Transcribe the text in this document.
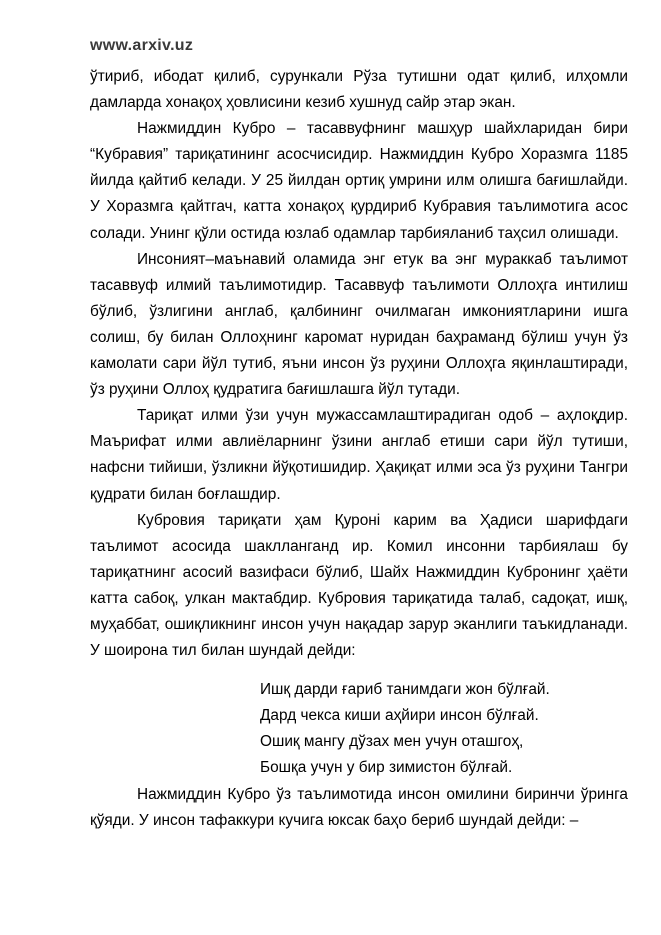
www.arxiv.uz

ўтириб, ибодат қилиб, сурункали Рўза тутишни одат қилиб, илҳомли дамларда хонақоҳ ҳовлисини кезиб хушнуд сайр этар экан.

Нажмиддин Кубро – тасаввуфнинг машҳур шайхларидан бири “Кубравия” тариқатининг асосчисидир. Нажмиддин Кубро Хоразмга 1185 йилда қайтиб келади. У 25 йилдан ортиқ умрини илм олишга бағишлайди. У Хоразмга қайтгач, катта хонақоҳ қурдириб Кубравия таълимотига асос солади. Унинг қўли остида юзлаб одамлар тарбияланиб таҳсил олишади.

Инсоният–маънавий оламида энг етук ва энг мураккаб таълимот тасаввуф илмий таълимотидир. Тасаввуф таълимоти Оллоҳга интилиш бўлиб, ўзлигини англаб, қалбининг очилмаган имкониятларини ишга солиш, бу билан Оллоҳнинг каромат нуридан баҳраманд бўлиш учун ўз камолати сари йўл тутиб, яъни инсон ўз руҳини Оллоҳга яқинлаштиради, ўз руҳини Оллоҳ қудратига бағишлашга йўл тутади.

Тариқат илми ўзи учун мужассамлаштирадиган одоб – аҳлоқдир. Маърифат илми авлиёларнинг ўзини англаб етиши сари йўл тутиши, нафсни тийиши, ўзликни йўқотишидир. Ҳақиқат илми эса ўз руҳини Тангри қудрати билан боғлашдир.

Кубровия тариқати ҳам Қуроні карим ва Ҳадиси шарифдаги таълимот асосида шаклланганд ир. Комил инсонни тарбиялаш бу тариқатнинг асосий вазифаси бўлиб, Шайх Нажмиддин Кубронинг ҳаёти катта сабоқ, улкан мактабдир. Кубровия тариқатида талаб, садоқат, ишқ, муҳаббат, ошиқликнинг инсон учун нақадар зарур эканлиги таъкидланади. У шоирона тил билан шундай дейди:

Ишқ дарди ғариб танимдаги жон бўлғай.
Дард чекса киши аҳйири инсон бўлғай.
Ошиқ мангу дўзах мен учун оташгоҳ,
Бошқа учун у бир зимистон бўлғай.

Нажмиддин Кубро ўз таълимотида инсон омилини биринчи ўринга қўяди. У инсон тафаккури кучига юксак баҳо бериб шундай дейди: –
